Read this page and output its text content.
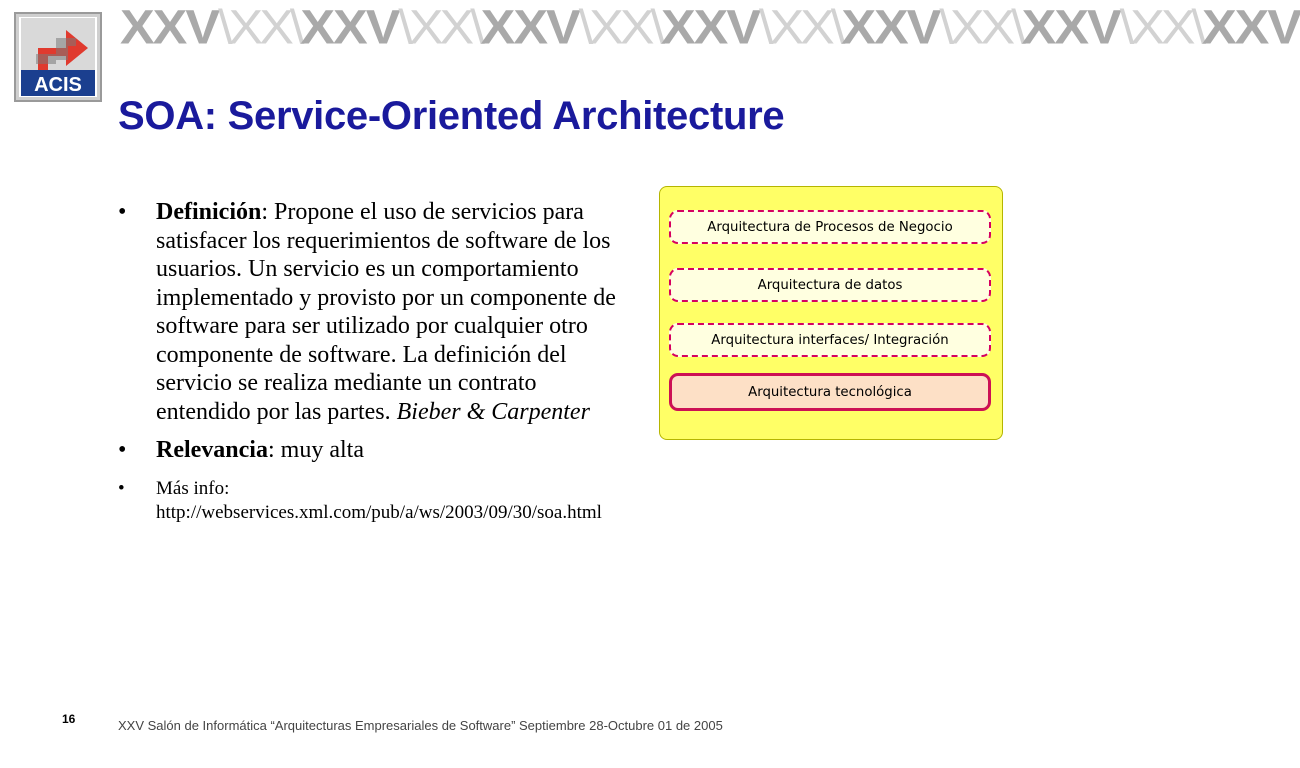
ACIS
XXV\XX\XXV\XX\XXV\XX\XXV\XX\XXV\XX\XXV\XX\XXV
SOA: Service-Oriented Architecture
• Definición: Propone el uso de servicios para satisfacer los requerimientos de software de los usuarios. Un servicio es un comportamiento implementado y provisto por un componente de software para ser utilizado por cualquier otro componente de software. La definición del servicio se realiza mediante un contrato entendido por las partes. Bieber & Carpenter
• Relevancia: muy alta
• Más info: http://webservices.xml.com/pub/a/ws/2003/09/30/soa.html
Arquitectura de Procesos de Negocio
Arquitectura de datos
Arquitectura interfaces/ Integración
Arquitectura tecnológica
16	XXV Salón de Informática “Arquitecturas Empresariales de Software” Septiembre 28-Octubre 01 de 2005
